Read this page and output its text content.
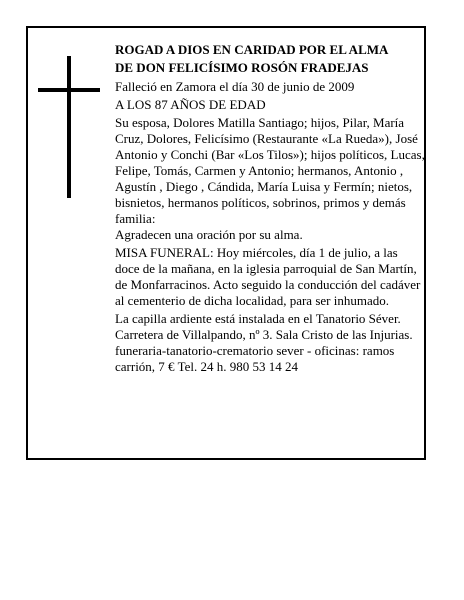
ROGAD A DIOS EN CARIDAD POR EL ALMA

DE DON FELICÍSIMO ROSÓN FRADEJAS

Falleció en Zamora el día 30 de junio de 2009

A LOS 87 AÑOS DE EDAD

Su esposa, Dolores Matilla Santiago; hijos, Pilar, María Cruz, Dolores, Felicísimo (Restaurante «La Rueda»), José Antonio y Conchi (Bar «Los Tilos»); hijos políticos, Lucas, Felipe, Tomás, Carmen y Antonio; hermanos, Antonio , Agustín , Diego , Cándida, María Luisa y Fermín; nietos, bisnietos, hermanos políticos, sobrinos, primos y demás familia:

Agradecen una oración por su alma.

MISA FUNERAL: Hoy miércoles, día 1 de julio, a las doce de la mañana, en la iglesia parroquial de San Martín, de Monfarracinos. Acto seguido la conducción del cadáver al cementerio de dicha localidad, para ser inhumado.

La capilla ardiente está instalada en el Tanatorio Séver. Carretera de Villalpando, nº 3. Sala Cristo de las Injurias.

funeraria-tanatorio-crematorio sever - oficinas: ramos carrión, 7 € Tel. 24 h. 980 53 14 24
